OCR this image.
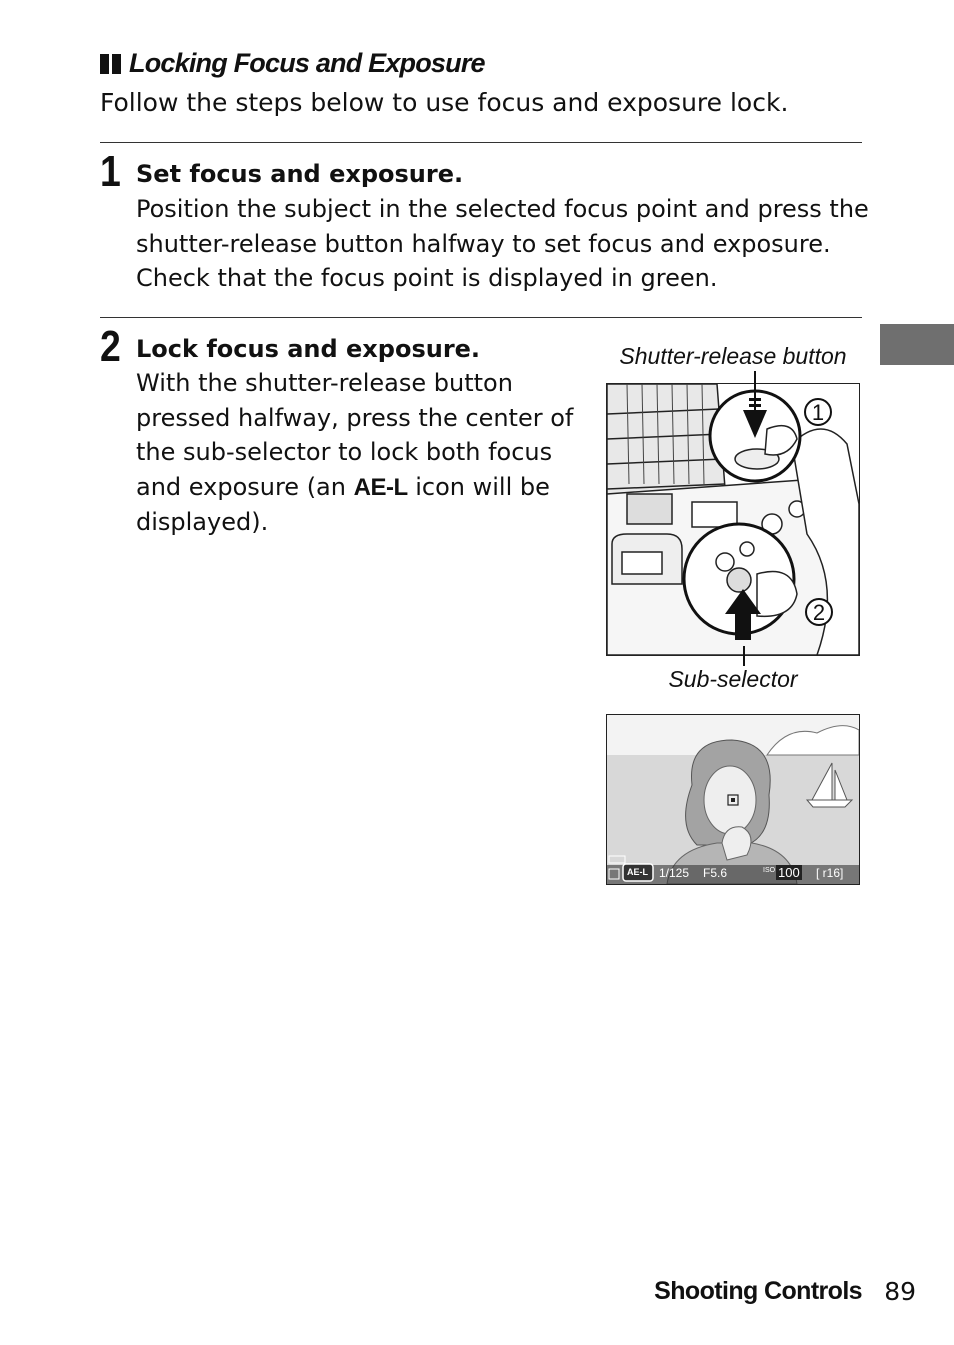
Locking Focus and Exposure
Follow the steps below to use focus and exposure lock.
1 Set focus and exposure.

Position the subject in the selected focus point and press the

shutter-release button halfway to set focus and exposure.

Check that the focus point is displayed in green.

2 Lock focus and exposure.

With the shutter-release button

pressed halfway, press the center of

the sub-selector to lock both focus

and exposure (an AE-L icon will be

displayed).

Shutter-release button
1
2
Sub-selector
AE-L 1/125 F5.6	ISO 100 [ r16]
Shooting Controls 89
